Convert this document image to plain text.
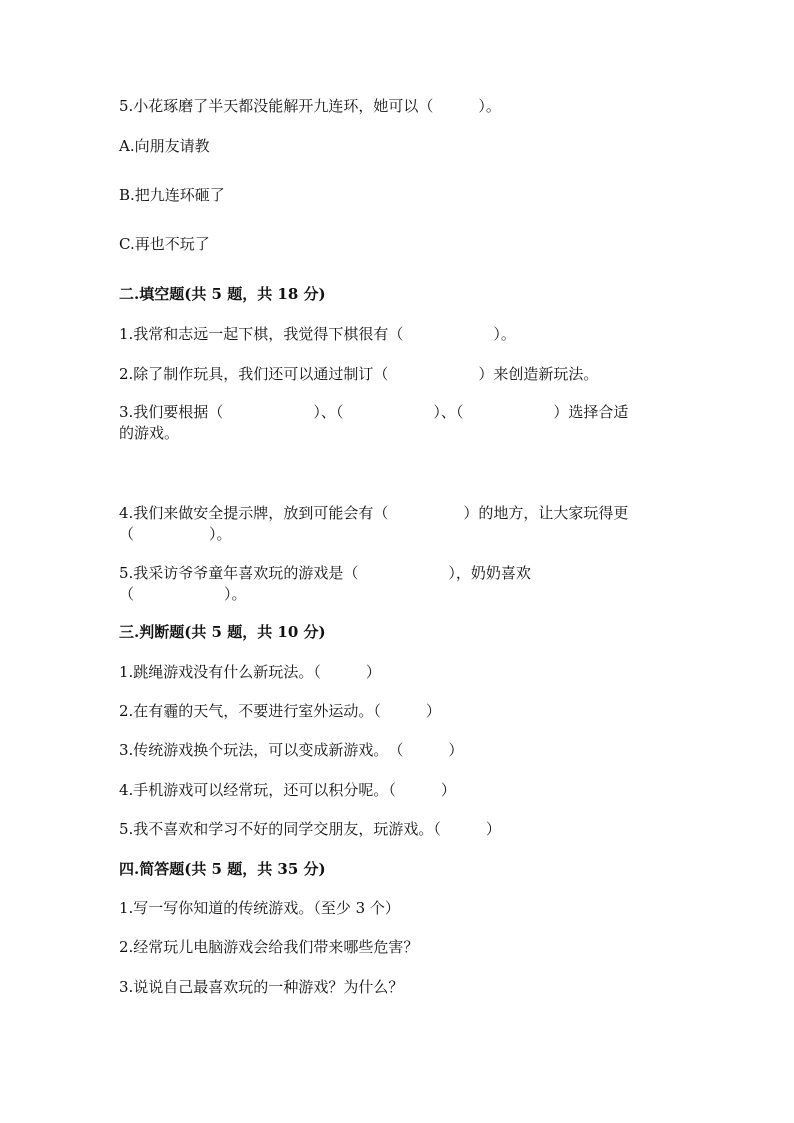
5.小花琢磨了半天都没能解开九连环，她可以（　　　）。

A.向朋友请教

B.把九连环砸了

C.再也不玩了

二.填空题(共 5 题，共 18 分)

1.我常和志远一起下棋，我觉得下棋很有（　　　　　　）。

2.除了制作玩具，我们还可以通过制订（　　　　　　）来创造新玩法。

3.我们要根据（　　　　　　）、（　　　　　　）、（　　　　　　）选择合适

的游戏。

4.我们来做安全提示牌，放到可能会有（　　　　　）的地方，让大家玩得更

（　　　　　）。

5.我采访爷爷童年喜欢玩的游戏是（　　　　　　），奶奶喜欢

（　　　　　　）。

三.判断题(共 5 题，共 10 分)

1.跳绳游戏没有什么新玩法。（　　　）

2.在有霾的天气，不要进行室外运动。（　　　）

3.传统游戏换个玩法，可以变成新游戏。　（　　　）

4.手机游戏可以经常玩，还可以积分呢。（　　　）

5.我不喜欢和学习不好的同学交朋友，玩游戏。（　　　）

四.简答题(共 5 题，共 35 分)

1.写一写你知道的传统游戏。（至少 3 个）

2.经常玩儿电脑游戏会给我们带来哪些危害？

3.说说自己最喜欢玩的一种游戏？为什么？
